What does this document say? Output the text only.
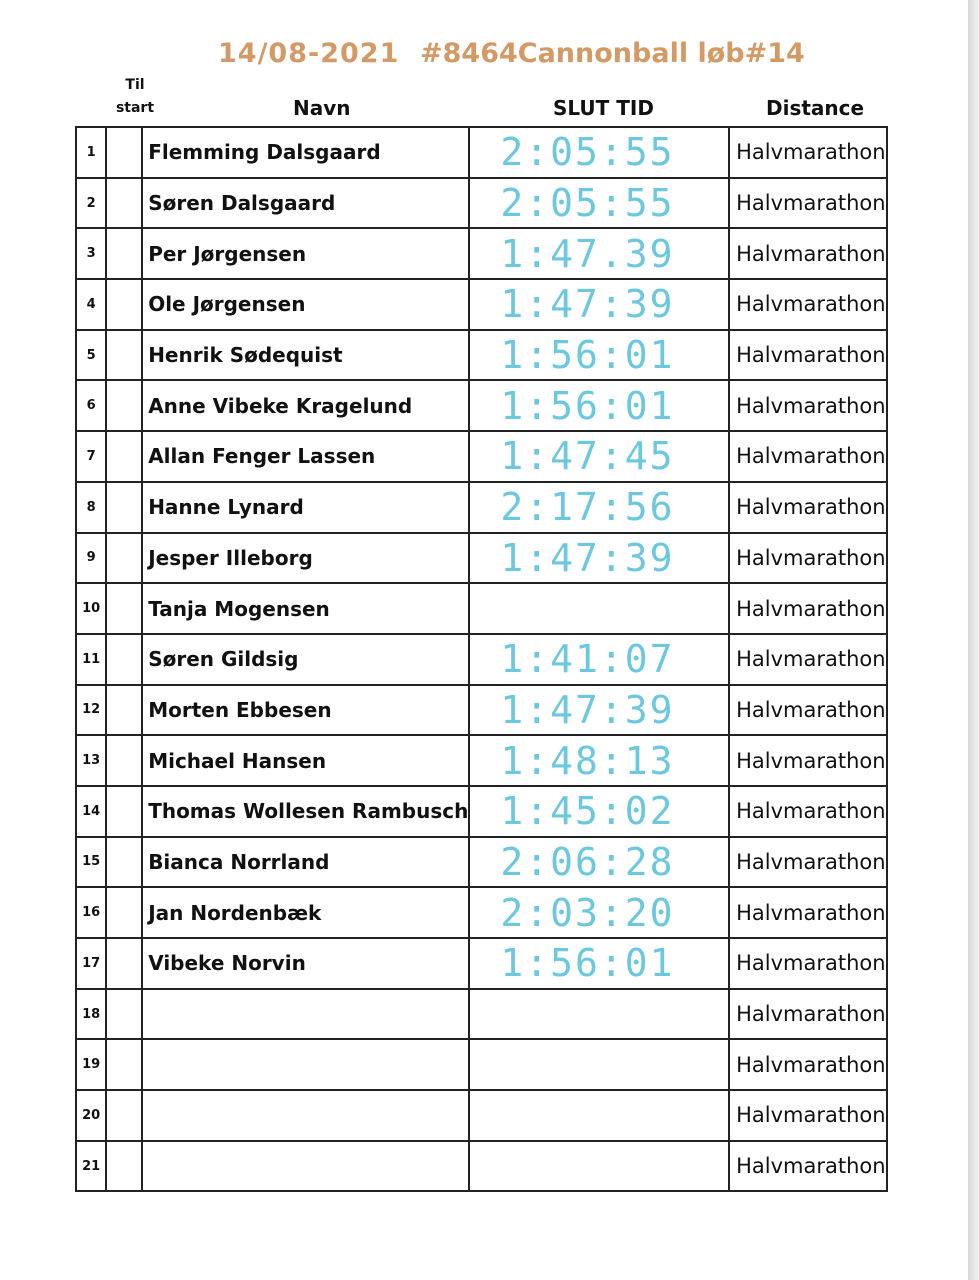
14/08-2021 #8464Cannonball løb#14
Til
start	Navn	SLUT TID	Distance
1		Flemming Dalsgaard	2:05:55	Halvmarathon
2		Søren Dalsgaard	2:05:55	Halvmarathon
3		Per Jørgensen	1:47.39	Halvmarathon
4		Ole Jørgensen	1:47:39	Halvmarathon
5		Henrik Sødequist	1:56:01	Halvmarathon
6		Anne Vibeke Kragelund	1:56:01	Halvmarathon
7		Allan Fenger Lassen	1:47:45	Halvmarathon
8		Hanne Lynard	2:17:56	Halvmarathon
9		Jesper Illeborg	1:47:39	Halvmarathon
10		Tanja Mogensen		Halvmarathon
11		Søren Gildsig	1:41:07	Halvmarathon
12		Morten Ebbesen	1:47:39	Halvmarathon
13		Michael Hansen	1:48:13	Halvmarathon
14		Thomas Wollesen Rambusch	1:45:02	Halvmarathon
15		Bianca Norrland	2:06:28	Halvmarathon
16		Jan Nordenbæk	2:03:20	Halvmarathon
17		Vibeke Norvin	1:56:01	Halvmarathon
18				Halvmarathon
19				Halvmarathon
20				Halvmarathon
21				Halvmarathon
